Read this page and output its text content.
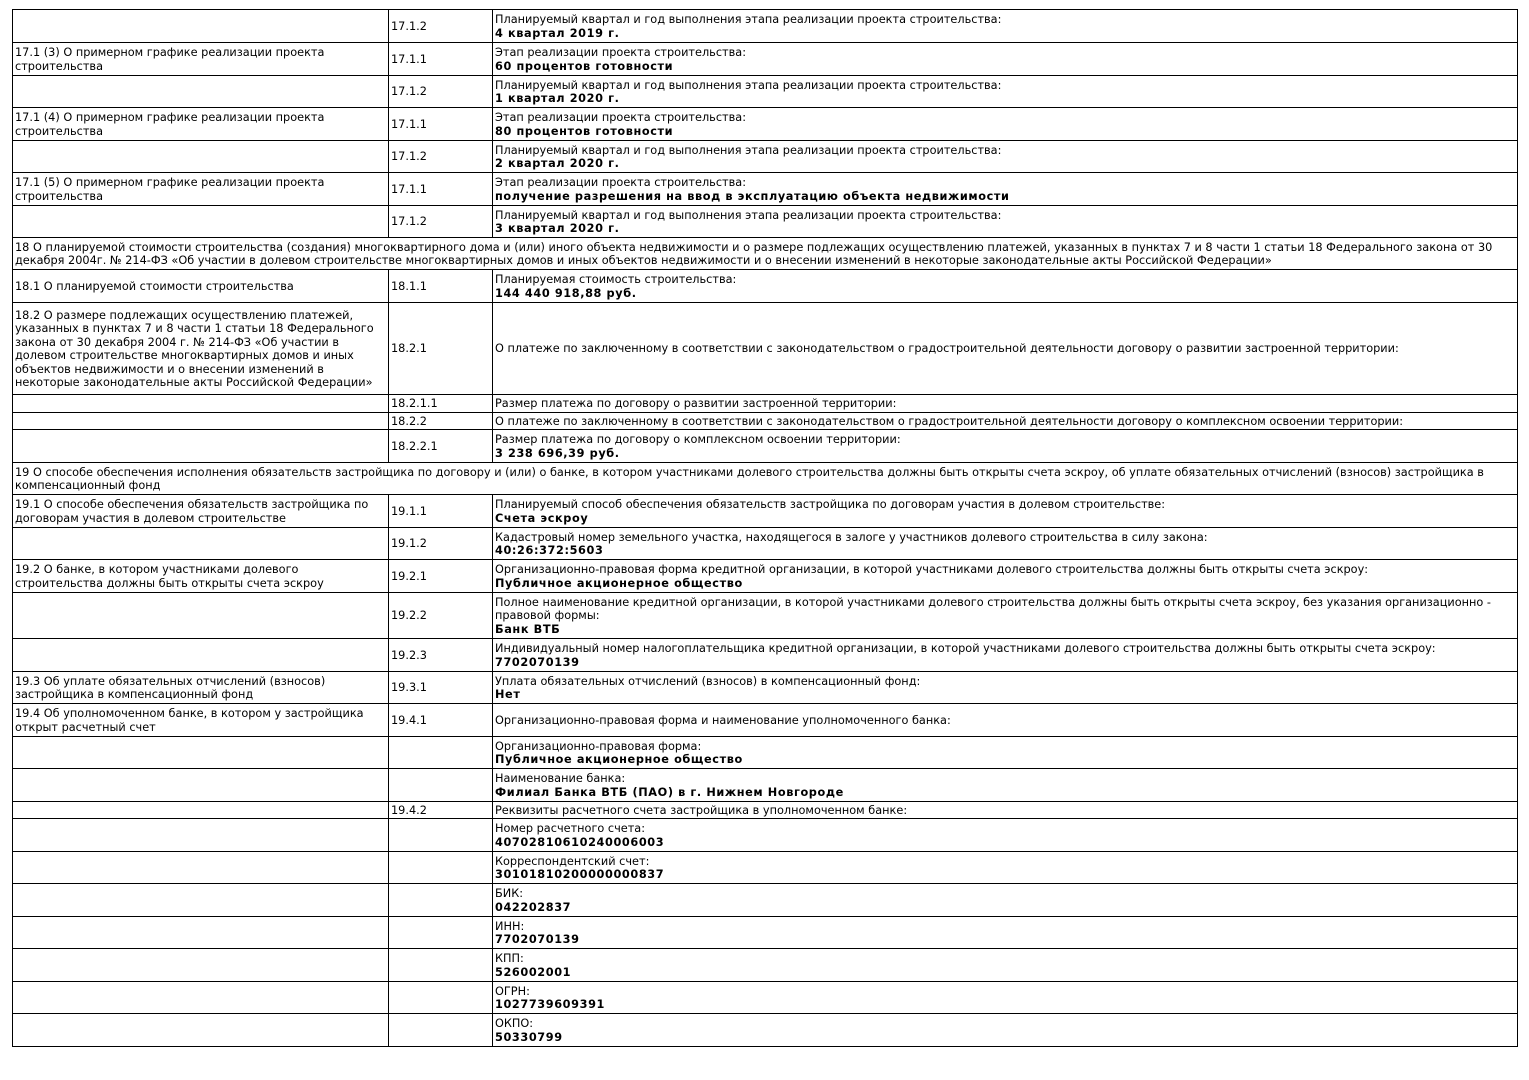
	17.1.2	Планируемый квартал и год выполнения этапа реализации проекта строительства:
4 квартал 2019 г.

17.1 (3) О примерном графике реализации проекта строительства	17.1.1	Этап реализации проекта строительства:
60 процентов готовности

	17.1.2	Планируемый квартал и год выполнения этапа реализации проекта строительства:
1 квартал 2020 г.

17.1 (4) О примерном графике реализации проекта строительства	17.1.1	Этап реализации проекта строительства:
80 процентов готовности

	17.1.2	Планируемый квартал и год выполнения этапа реализации проекта строительства:
2 квартал 2020 г.

17.1 (5) О примерном графике реализации проекта строительства	17.1.1	Этап реализации проекта строительства:
получение разрешения на ввод в эксплуатацию объекта недвижимости

	17.1.2	Планируемый квартал и год выполнения этапа реализации проекта строительства:
3 квартал 2020 г.

18 О планируемой стоимости строительства (создания) многоквартирного дома и (или) иного объекта недвижимости и о размере подлежащих осуществлению платежей, указанных в пунктах 7 и 8 части 1 статьи 18 Федерального закона от 30 декабря 2004г. № 214-ФЗ «Об участии в долевом строительстве многоквартирных домов и иных объектов недвижимости и о внесении изменений в некоторые законодательные акты Российской Федерации»		
18.1 О планируемой стоимости строительства	18.1.1	Планируемая стоимость строительства:
144 440 918,88 руб.

18.2 О размере подлежащих осуществлению платежей, указанных в пунктах 7 и 8 части 1 статьи 18 Федерального закона от 30 декабря 2004 г. № 214-ФЗ «Об участии в долевом строительстве многоквартирных домов и иных объектов недвижимости и о внесении изменений в некоторые законодательные акты Российской Федерации»	18.2.1	О платеже по заключенному в соответствии с законодательством о градостроительной деятельности договору о развитии застроенной территории:

	18.2.1.1	Размер платежа по договору о развитии застроенной территории:

	18.2.2	О платеже по заключенному в соответствии с законодательством о градостроительной деятельности договору о комплексном освоении территории:

	18.2.2.1	Размер платежа по договору о комплексном освоении территории:
3 238 696,39 руб.

19 О способе обеспечения исполнения обязательств застройщика по договору и (или) о банке, в котором участниками долевого строительства должны быть открыты счета эскроу, об уплате обязательных отчислений (взносов) застройщика в компенсационный фонд		
19.1 О способе обеспечения обязательств застройщика по договорам участия в долевом строительстве	19.1.1	Планируемый способ обеспечения обязательств застройщика по договорам участия в долевом строительстве:
Счета эскроу

	19.1.2	Кадастровый номер земельного участка, находящегося в залоге у участников долевого строительства в силу закона:
40:26:372:5603

19.2 О банке, в котором участниками долевого строительства должны быть открыты счета эскроу	19.2.1	Организационно-правовая форма кредитной организации, в которой участниками долевого строительства должны быть открыты счета эскроу:
Публичное акционерное общество

	19.2.2	Полное наименование кредитной организации, в которой участниками долевого строительства должны быть открыты счета эскроу, без указания организационно - правовой формы:
Банк ВТБ

	19.2.3	Индивидуальный номер налогоплательщика кредитной организации, в которой участниками долевого строительства должны быть открыты счета эскроу:
7702070139

19.3 Об уплате обязательных отчислений (взносов) застройщика в компенсационный фонд	19.3.1	Уплата обязательных отчислений (взносов) в компенсационный фонд:
Нет

19.4 Об уполномоченном банке, в котором у застройщика открыт расчетный счет	19.4.1	Организационно-правовая форма и наименование уполномоченного банка:

		Организационно-правовая форма:
Публичное акционерное общество

		Наименование банка:
Филиал Банка ВТБ (ПАО) в г. Нижнем Новгороде

	19.4.2	Реквизиты расчетного счета застройщика в уполномоченном банке:

		Номер расчетного счета:
40702810610240006003

		Корреспондентский счет:
30101810200000000837

		БИК:
042202837

		ИНН:
7702070139

		КПП:
526002001

		ОГРН:
1027739609391

		ОКПО:
50330799
